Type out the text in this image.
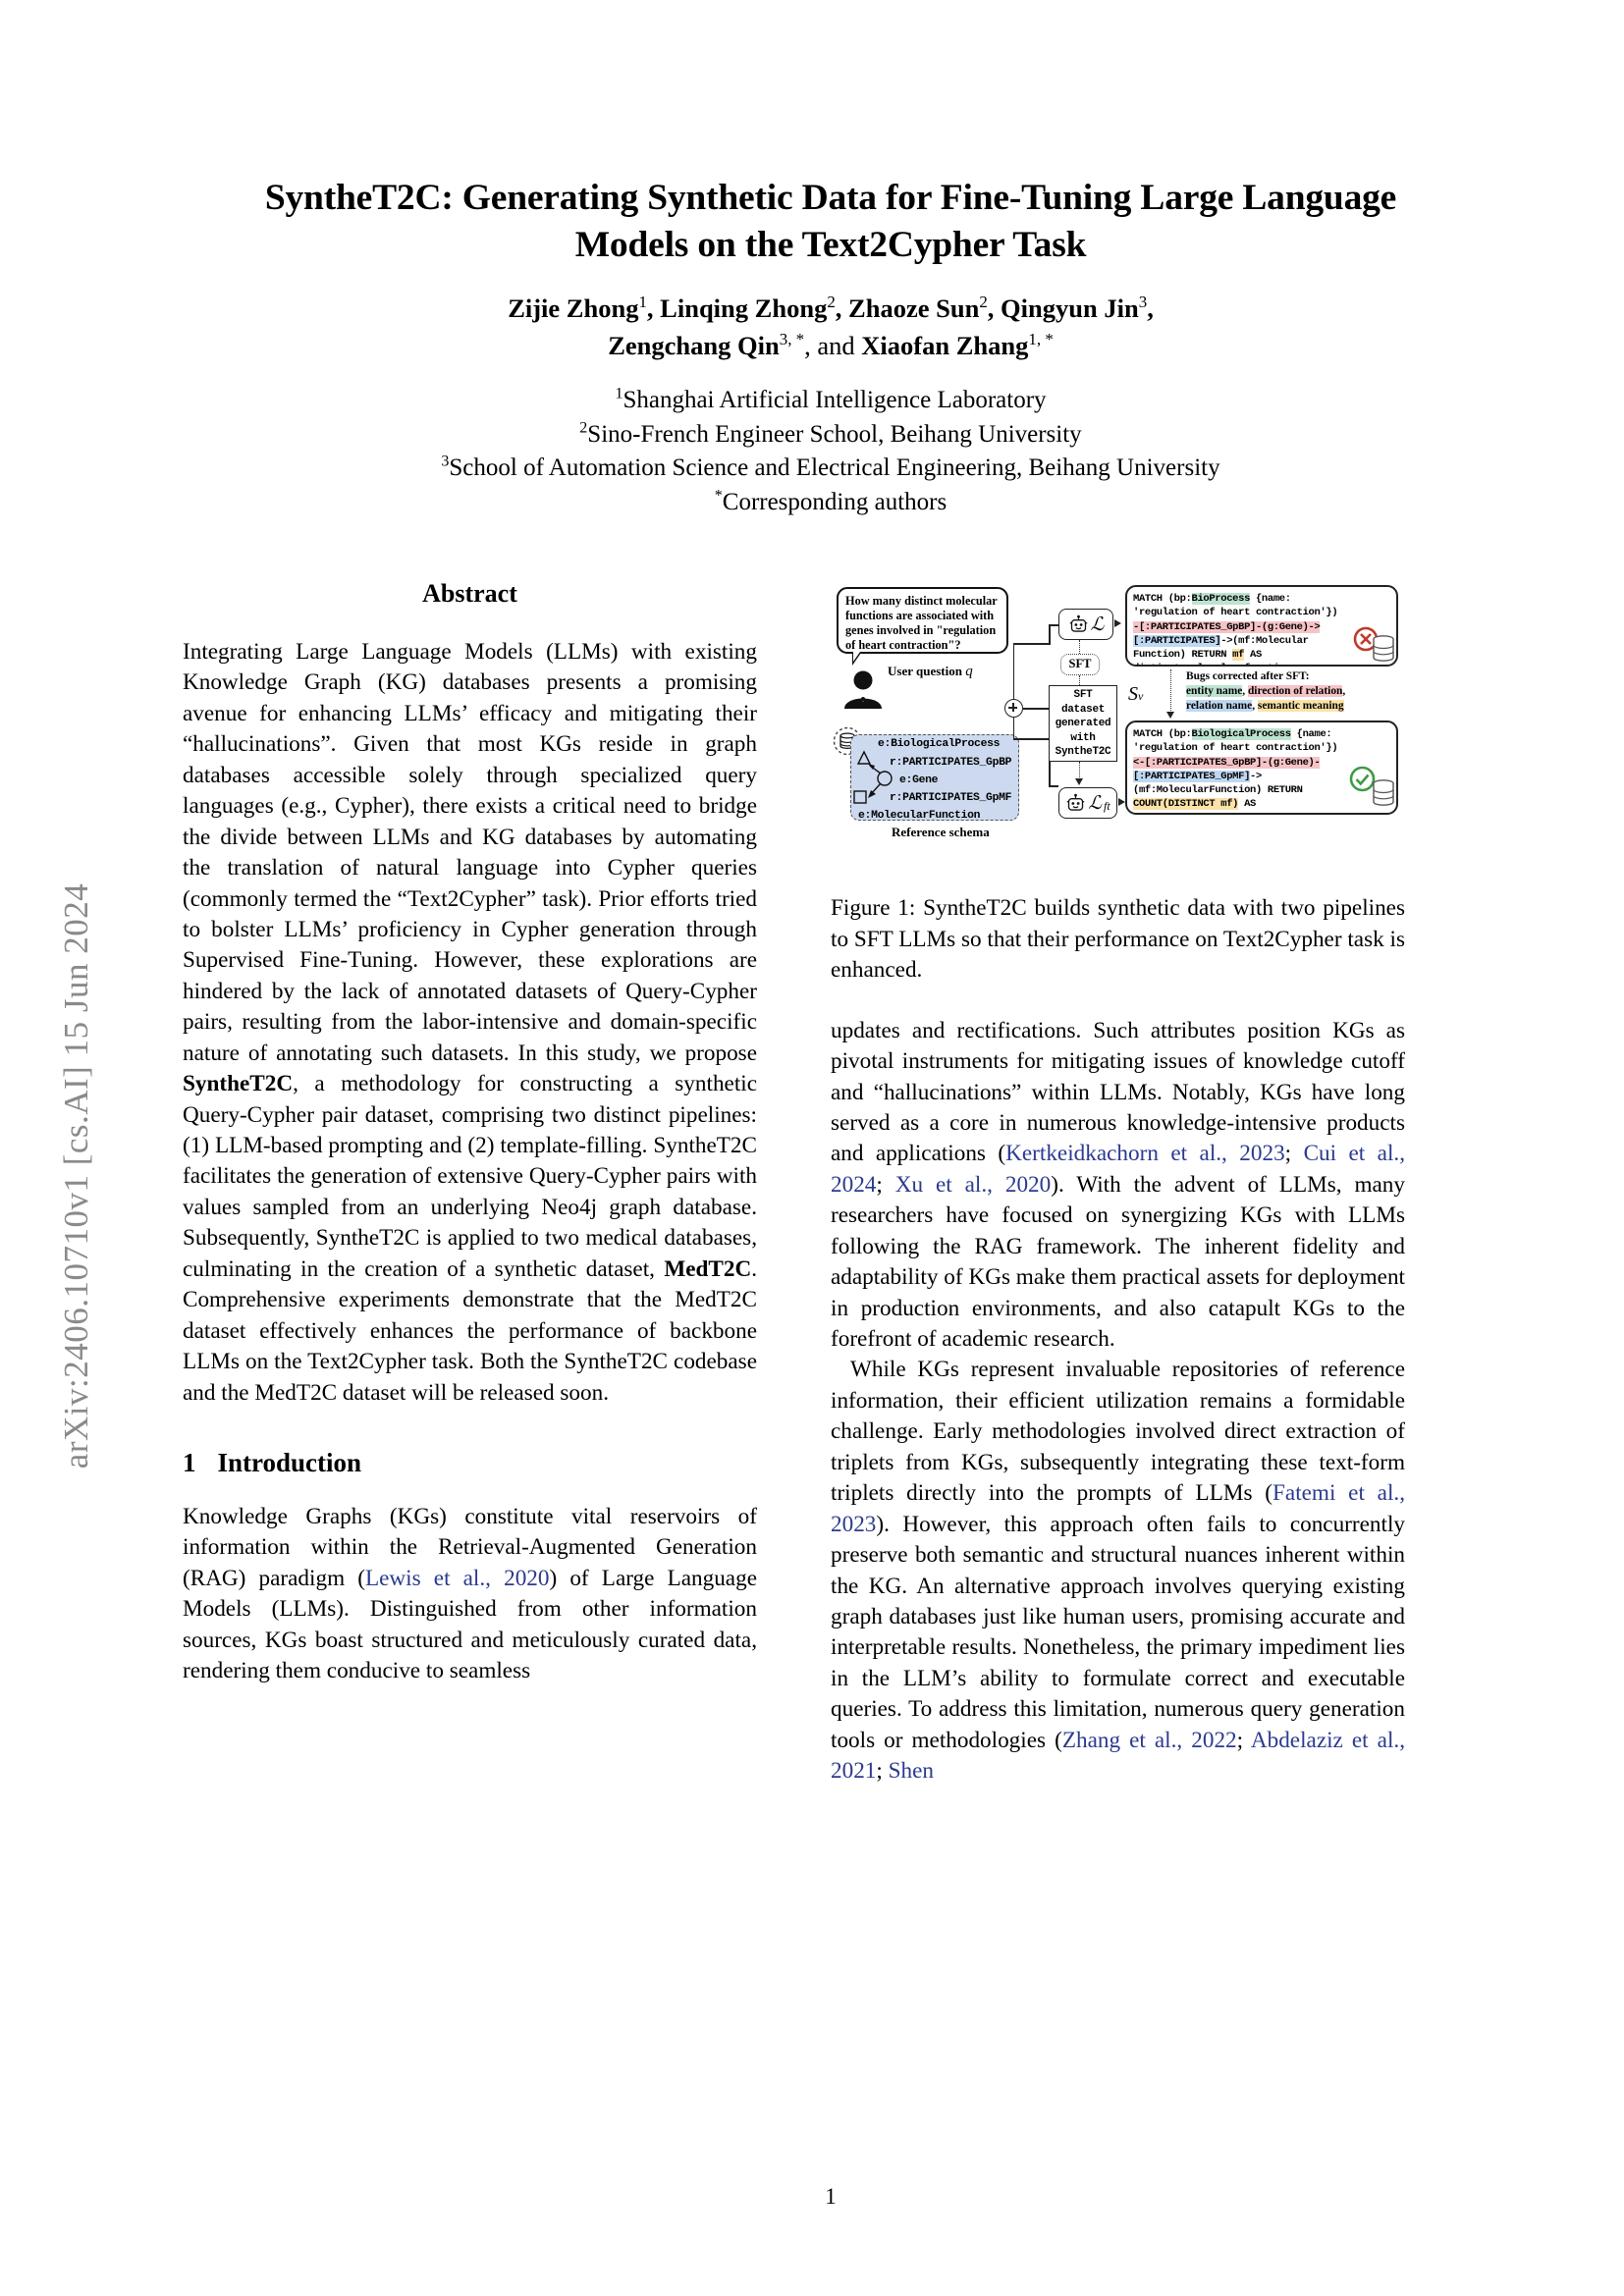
arXiv:2406.10710v1 [cs.AI] 15 Jun 2024
SyntheT2C: Generating Synthetic Data for Fine-Tuning Large Language
Models on the Text2Cypher Task
Zijie Zhong$^1$, Linqing Zhong$^2$, Zhaoze Sun$^2$, Qingyun Jin$^3$,
Zengchang Qin$^{3, *}$, and Xiaofan Zhang$^{1, *}$
$^1$Shanghai Artificial Intelligence Laboratory
$^2$Sino-French Engineer School, Beihang University
$^3$School of Automation Science and Electrical Engineering, Beihang University
*Corresponding authors
Abstract

Integrating Large Language Models (LLMs) with existing Knowledge Graph (KG) databases presents a promising avenue for enhancing LLMs’ efficacy and mitigating their “hallucinations”. Given that most KGs reside in graph databases accessible solely through specialized query languages (e.g., Cypher), there exists a critical need to bridge the divide between LLMs and KG databases by automating the translation of natural language into Cypher queries (commonly termed the “Text2Cypher” task). Prior efforts tried to bolster LLMs’ proficiency in Cypher generation through Supervised Fine-Tuning. However, these explorations are hindered by the lack of annotated datasets of Query-Cypher pairs, resulting from the labor-intensive and domain-specific nature of annotating such datasets. In this study, we propose SyntheT2C, a methodology for constructing a synthetic Query-Cypher pair dataset, comprising two distinct pipelines: (1) LLM-based prompting and (2) template-filling. SyntheT2C facilitates the generation of extensive Query-Cypher pairs with values sampled from an underlying Neo4j graph database. Subsequently, SyntheT2C is applied to two medical databases, culminating in the creation of a synthetic dataset, MedT2C. Comprehensive experiments demonstrate that the MedT2C dataset effectively enhances the performance of backbone LLMs on the Text2Cypher task. Both the SyntheT2C codebase and the MedT2C dataset will be released soon.

1 Introduction

Knowledge Graphs (KGs) constitute vital reservoirs of information within the Retrieval-Augmented Generation (RAG) paradigm (Lewis et al., 2020) of Large Language Models (LLMs). Distinguished from other information sources, KGs boast structured and meticulously curated data, rendering them conducive to seamless

How many distinct molecular functions are associated with genes involved in "regulation of heart contraction"?
User question q
e:BiologicalProcess
r:PARTICIPATES_GpBP
e:Gene
r:PARTICIPATES_GpMF
e:MolecularFunction
Reference schema
ℒ
SFT
SFT
dataset
generated
with
SyntheT2C
ℒ ft
MATCH (bp:BioProcess {name:
'regulation of heart contraction'})
-[:PARTICIPATES_GpBP]-(g:Gene)->
[:PARTICIPATES]->(mf:Molecular
Function) RETURN mf AS
Sv
Bugs corrected after SFT:
entity name, direction of relation,
relation name, semantic meaning
MATCH (bp:BiologicalProcess {name:
'regulation of heart contraction'})
<-[:PARTICIPATES_GpBP]-(g:Gene)-
[:PARTICIPATES_GpMF]->
(mf:MolecularFunction) RETURN
COUNT(DISTINCT mf) AS
Figure 1: SyntheT2C builds synthetic data with two pipelines to SFT LLMs so that their performance on Text2Cypher task is enhanced.

updates and rectifications. Such attributes position KGs as pivotal instruments for mitigating issues of knowledge cutoff and “hallucinations” within LLMs. Notably, KGs have long served as a core in numerous knowledge-intensive products and applications (Kertkeidkachorn et al., 2023; Cui et al., 2024; Xu et al., 2020). With the advent of LLMs, many researchers have focused on synergizing KGs with LLMs following the RAG framework. The inherent fidelity and adaptability of KGs make them practical assets for deployment in production environments, and also catapult KGs to the forefront of academic research.

While KGs represent invaluable repositories of reference information, their efficient utilization remains a formidable challenge. Early methodologies involved direct extraction of triplets from KGs, subsequently integrating these text-form triplets directly into the prompts of LLMs (Fatemi et al., 2023). However, this approach often fails to concurrently preserve both semantic and structural nuances inherent within the KG. An alternative approach involves querying existing graph databases just like human users, promising accurate and interpretable results. Nonetheless, the primary impediment lies in the LLM’s ability to formulate correct and executable queries. To address this limitation, numerous query generation tools or methodologies (Zhang et al., 2022; Abdelaziz et al., 2021; Shen

1
